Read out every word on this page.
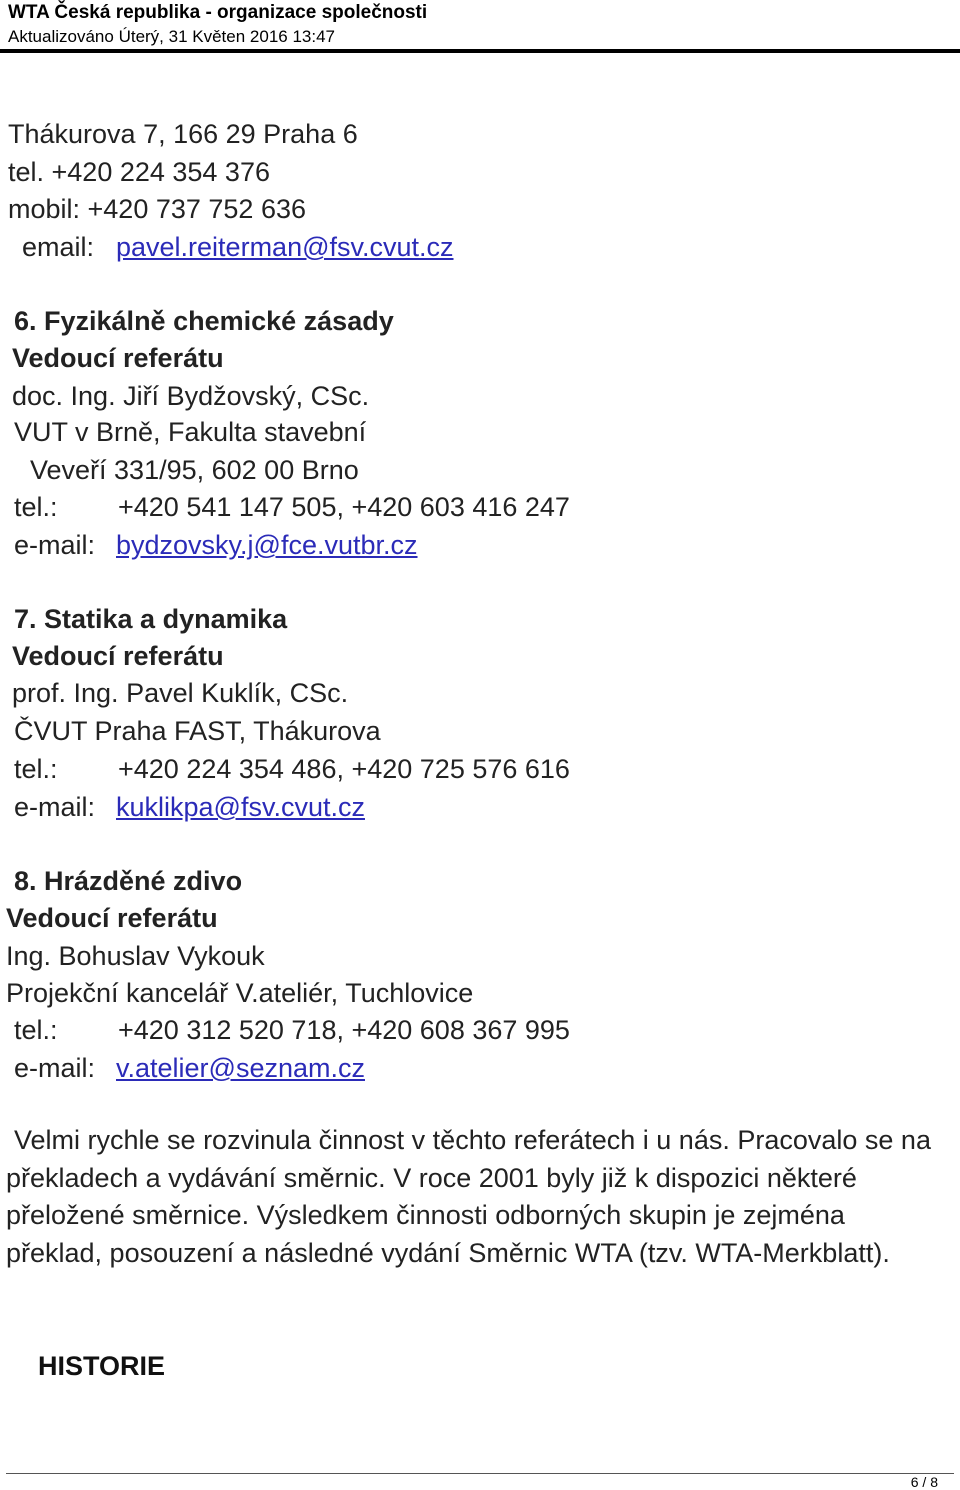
WTA Česká republika - organizace společnosti
Aktualizováno Úterý, 31 Květen 2016 13:47
Thákurova 7, 166 29 Praha 6
tel. +420 224 354 376
mobil: +420 737 752 636
email: pavel.reiterman@fsv.cvut.cz
6. Fyzikálně chemické zásady
Vedoucí referátu
doc. Ing. Jiří Bydžovský, CSc.
VUT v Brně, Fakulta stavební
Veveří 331/95, 602 00 Brno
tel.: +420 541 147 505, +420 603 416 247
e-mail: bydzovsky.j@fce.vutbr.cz
7. Statika a dynamika
Vedoucí referátu
prof. Ing. Pavel Kuklík, CSc.
ČVUT Praha FAST, Thákurova
tel.: +420 224 354 486, +420 725 576 616
e-mail: kuklikpa@fsv.cvut.cz
8. Hrázděné zdivo
Vedoucí referátu
Ing. Bohuslav Vykouk
Projekční kancelář V.ateliér, Tuchlovice
tel.: +420 312 520 718, +420 608 367 995
e-mail: v.atelier@seznam.cz
Velmi rychle se rozvinula činnost v těchto referátech i u nás. Pracovalo se na překladech a vydávání směrnic. V roce 2001 byly již k dispozici některé přeložené směrnice. Výsledkem činnosti odborných skupin je zejména překlad, posouzení a následné vydání Směrnic WTA (tzv. WTA-Merkblatt).
HISTORIE
6 / 8
